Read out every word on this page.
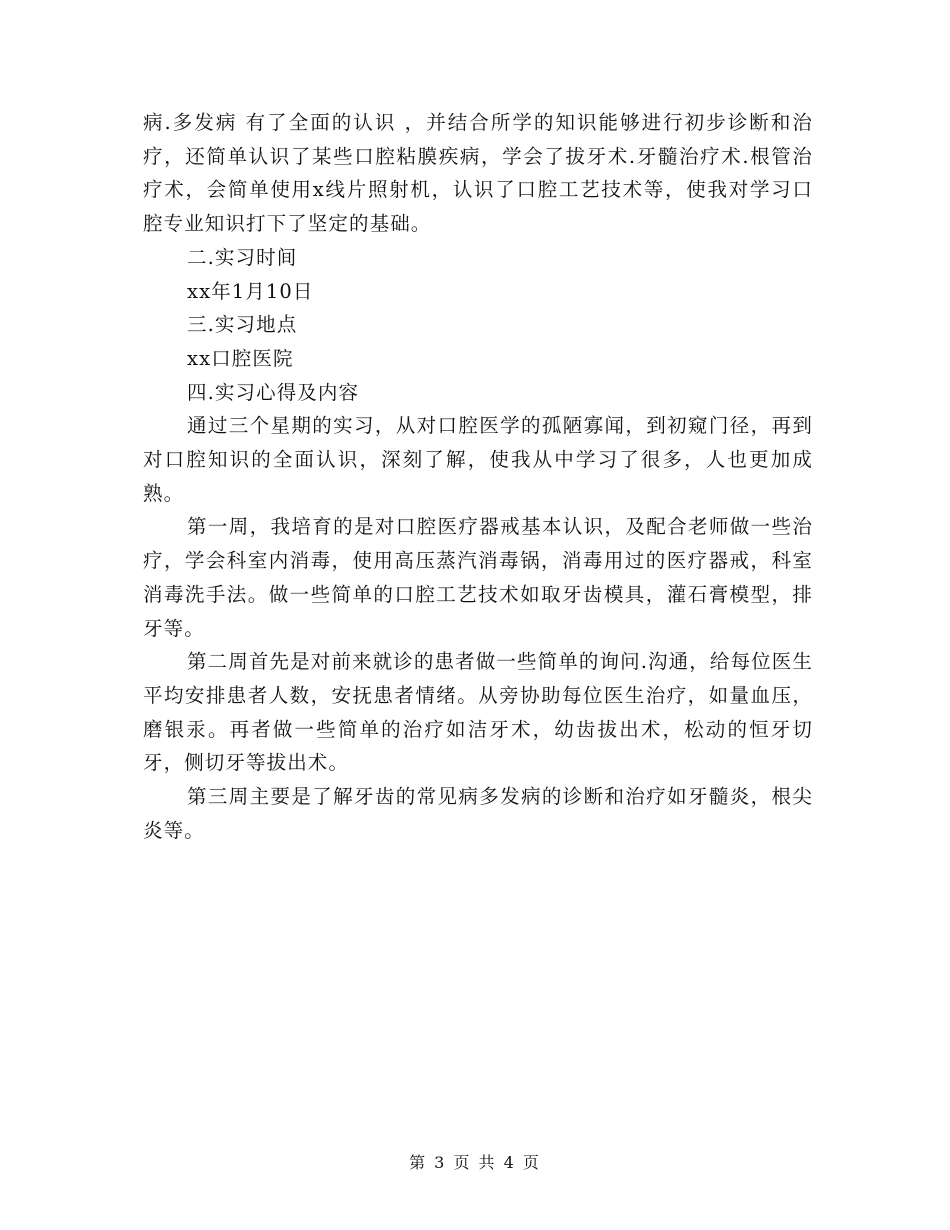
病.多发病 有了全面的认识 ，并结合所学的知识能够进行初步诊断和治疗，还简单认识了某些口腔粘膜疾病，学会了拔牙术.牙髓治疗术.根管治疗术，会简单使用x线片照射机，认识了口腔工艺技术等，使我对学习口腔专业知识打下了坚定的基础。

二.实习时间

xx年1月10日

三.实习地点

xx口腔医院

四.实习心得及内容

通过三个星期的实习，从对口腔医学的孤陋寡闻，到初窥门径，再到对口腔知识的全面认识，深刻了解，使我从中学习了很多，人也更加成熟。

第一周，我培育的是对口腔医疗器戒基本认识，及配合老师做一些治疗，学会科室内消毒，使用高压蒸汽消毒锅，消毒用过的医疗器戒，科室消毒洗手法。做一些简单的口腔工艺技术如取牙齿模具，灌石膏模型，排牙等。

第二周首先是对前来就诊的患者做一些简单的询问.沟通，给每位医生平均安排患者人数，安抚患者情绪。从旁协助每位医生治疗，如量血压，磨银汞。再者做一些简单的治疗如洁牙术，幼齿拔出术，松动的恒牙切牙，侧切牙等拔出术。

第三周主要是了解牙齿的常见病多发病的诊断和治疗如牙髓炎，根尖炎等。

第 3 页 共 4 页
